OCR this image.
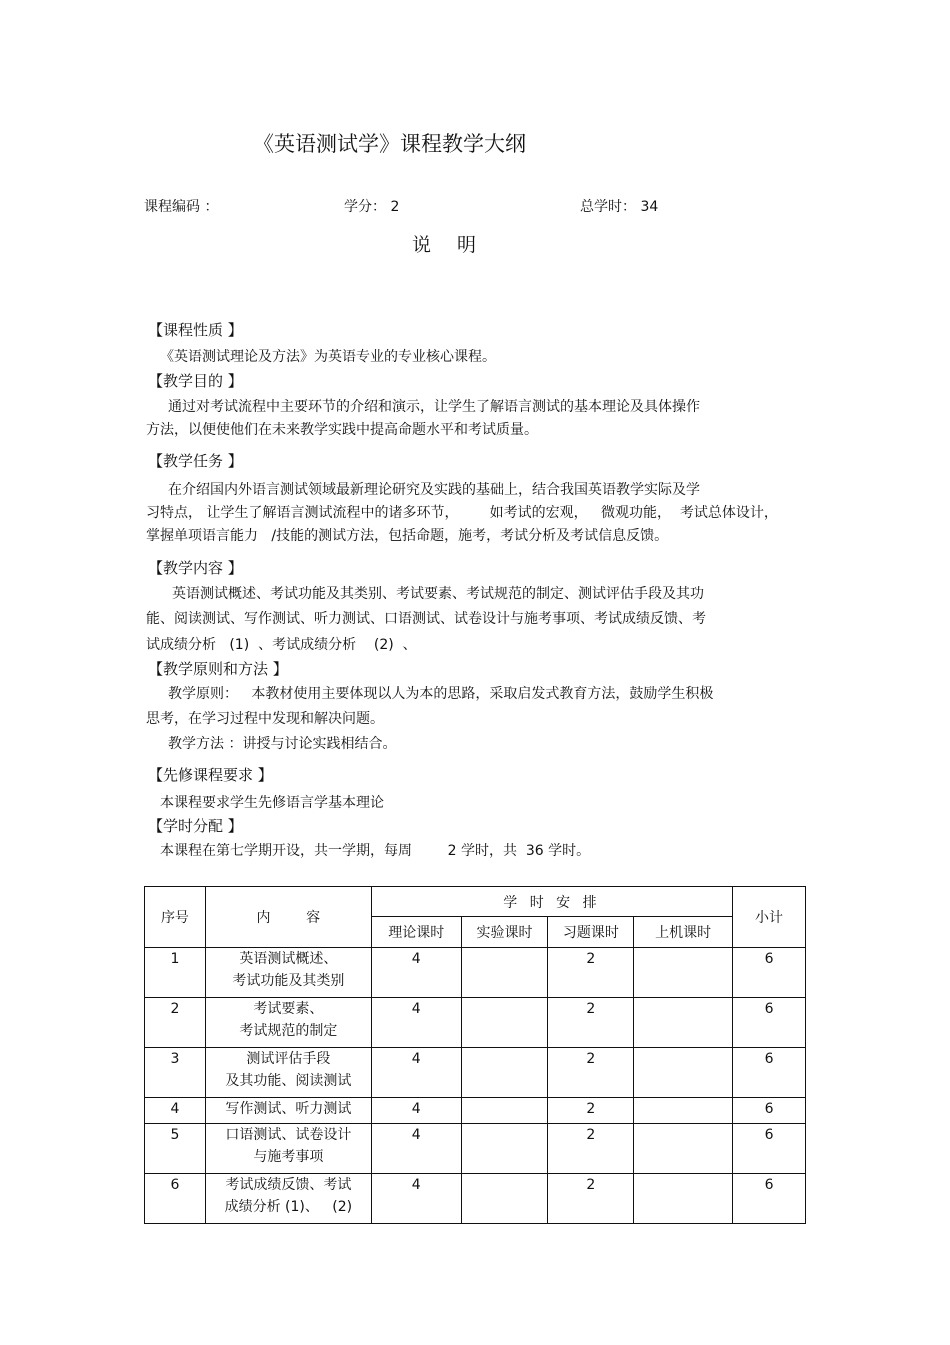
《英语测试学》课程教学大纲
课程编码 ：	学分： 2	总学时： 34
说明
【课程性质 】
《英语测试理论及方法》为英语专业的专业核心课程。
【教学目的 】
通过对考试流程中主要环节的介绍和演示，让学生了解语言测试的基本理论及具体操作
方法，以便使他们在未来教学实践中提高命题水平和考试质量。
【教学任务 】
在介绍国内外语言测试领域最新理论研究及实践的基础上，结合我国英语教学实际及学
习特点， 让学生了解语言测试流程中的诸多环节，       如考试的宏观，   微观功能，  考试总体设计，
掌握单项语言能力   /技能的测试方法，包括命题，施考，考试分析及考试信息反馈。
【教学内容 】
英语测试概述、考试功能及其类别、考试要素、考试规范的制定、测试评估手段及其功
能、阅读测试、写作测试、听力测试、口语测试、试卷设计与施考事项、考试成绩反馈、考
试成绩分析   (1)  、考试成绩分析    (2)  、
【教学原则和方法 】
教学原则：   本教材使用主要体现以人为本的思路，采取启发式教育方法，鼓励学生积极
思考，在学习过程中发现和解决问题。
教学方法 ：讲授与讨论实践相结合。
【先修课程要求 】
本课程要求学生先修语言学基本理论
【学时分配 】
本课程在第七学期开设，共一学期，每周        2 学时，共  36 学时。
序号	内        容	学 时 安 排				小计
		理论课时	实验课时	习题课时	上机课时	
1	英语测试概述、
考试功能及其类别	4		2		6
2	考试要素、
考试规范的制定	4		2		6
3	测试评估手段
及其功能、阅读测试	4		2		6
4	写作测试、听力测试	4		2		6
5	口语测试、试卷设计
与施考事项	4		2		6
6	考试成绩反馈、考试
成绩分析 (1)、   (2)	4		2		6
